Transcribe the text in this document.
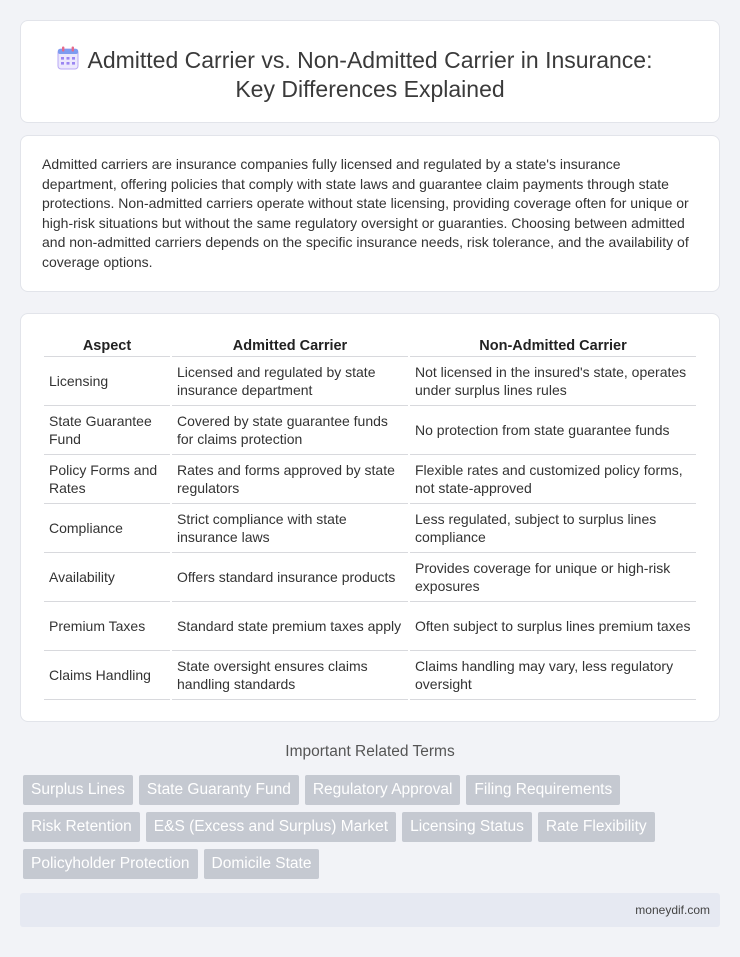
Admitted Carrier vs. Non-Admitted Carrier in Insurance:
Key Differences Explained

Admitted carriers are insurance companies fully licensed and regulated by a state's insurance department, offering policies that comply with state laws and guarantee claim payments through state protections. Non-admitted carriers operate without state licensing, providing coverage often for unique or high-risk situations but without the same regulatory oversight or guaranties. Choosing between admitted and non-admitted carriers depends on the specific insurance needs, risk tolerance, and the availability of coverage options.

Aspect	Admitted Carrier	Non-Admitted Carrier
Licensing	Licensed and regulated by state insurance department	Not licensed in the insured's state, operates under surplus lines rules
State Guarantee Fund	Covered by state guarantee funds for claims protection	No protection from state guarantee funds
Policy Forms and Rates	Rates and forms approved by state regulators	Flexible rates and customized policy forms, not state-approved
Compliance	Strict compliance with state insurance laws	Less regulated, subject to surplus lines compliance
Availability	Offers standard insurance products	Provides coverage for unique or high-risk exposures
Premium Taxes	Standard state premium taxes apply	Often subject to surplus lines premium taxes
Claims Handling	State oversight ensures claims handling standards	Claims handling may vary, less regulatory oversight
Important Related Terms
Surplus Lines	State Guaranty Fund	Regulatory Approval	Filing Requirements
Risk Retention	E&S (Excess and Surplus) Market	Licensing Status	Rate Flexibility
Policyholder Protection	Domicile State
moneydif.com
